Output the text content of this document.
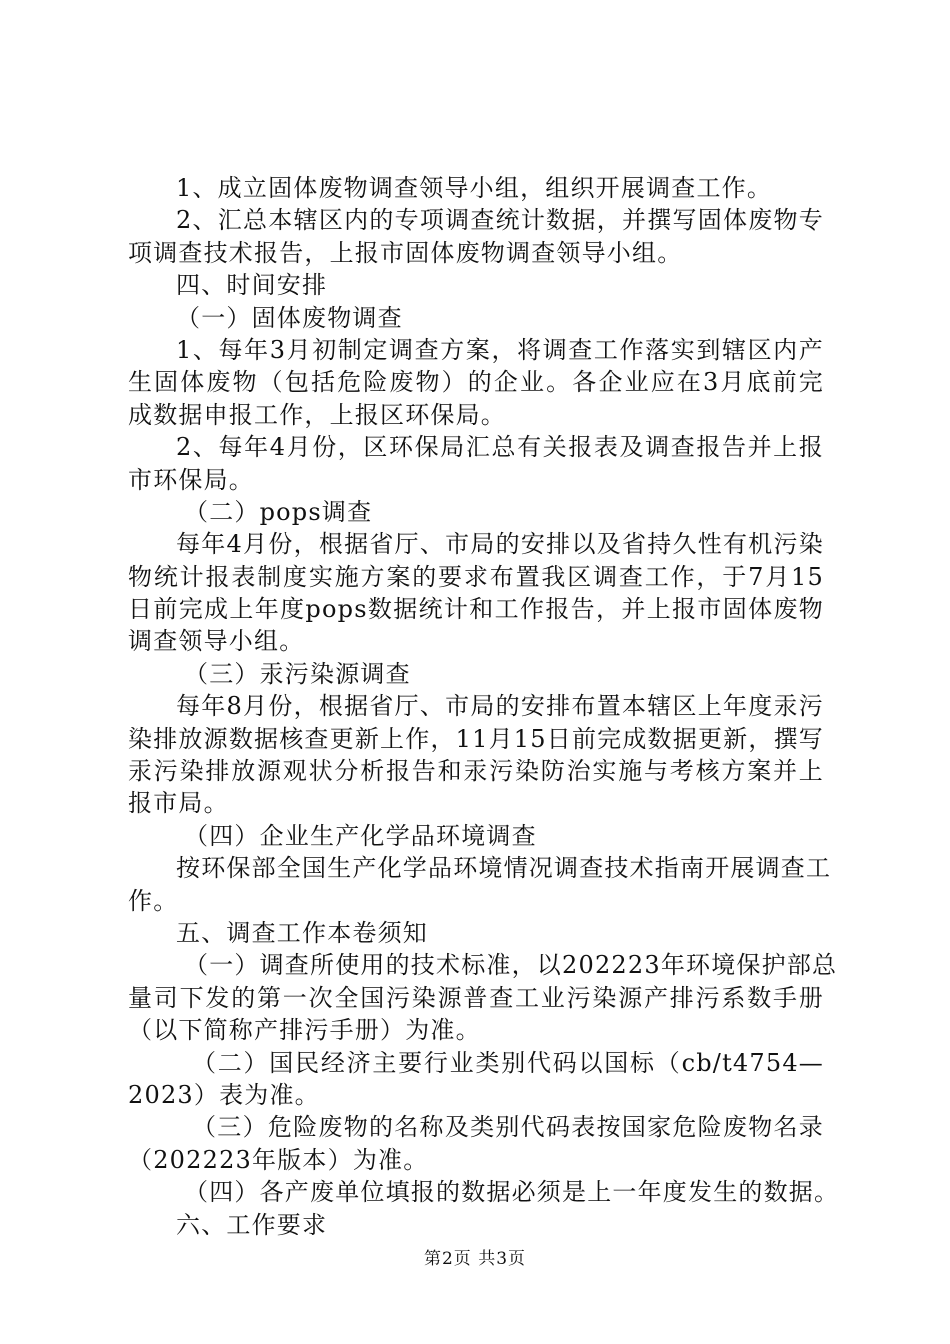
1、成立固体废物调查领导小组，组织开展调查工作。
2、汇总本辖区内的专项调查统计数据，并撰写固体废物专
项调查技术报告，上报市固体废物调查领导小组。
四、时间安排
（一）固体废物调查
1、每年3月初制定调查方案，将调查工作落实到辖区内产
生固体废物（包括危险废物）的企业。各企业应在3月底前完
成数据申报工作，上报区环保局。
2、每年4月份，区环保局汇总有关报表及调查报告并上报
市环保局。
（二）pops调查
每年4月份，根据省厅、市局的安排以及省持久性有机污染
物统计报表制度实施方案的要求布置我区调查工作，于7月15
日前完成上年度pops数据统计和工作报告，并上报市固体废物
调查领导小组。
（三）汞污染源调查
每年8月份，根据省厅、市局的安排布置本辖区上年度汞污
染排放源数据核查更新上作，11月15日前完成数据更新，撰写
汞污染排放源观状分析报告和汞污染防治实施与考核方案并上
报市局。
（四）企业生产化学品环境调查
按环保部全国生产化学品环境情况调查技术指南开展调查工
作。
五、调查工作本卷须知
（一）调查所使用的技术标准，以202223年环境保护部总
量司下发的第一次全国污染源普查工业污染源产排污系数手册
（以下简称产排污手册）为准。
（二）国民经济主要行业类别代码以国标（cb/t4754—
2023）表为准。
（三）危险废物的名称及类别代码表按国家危险废物名录
（202223年版本）为准。
（四）各产废单位填报的数据必须是上一年度发生的数据。
六、工作要求
第2页 共3页
